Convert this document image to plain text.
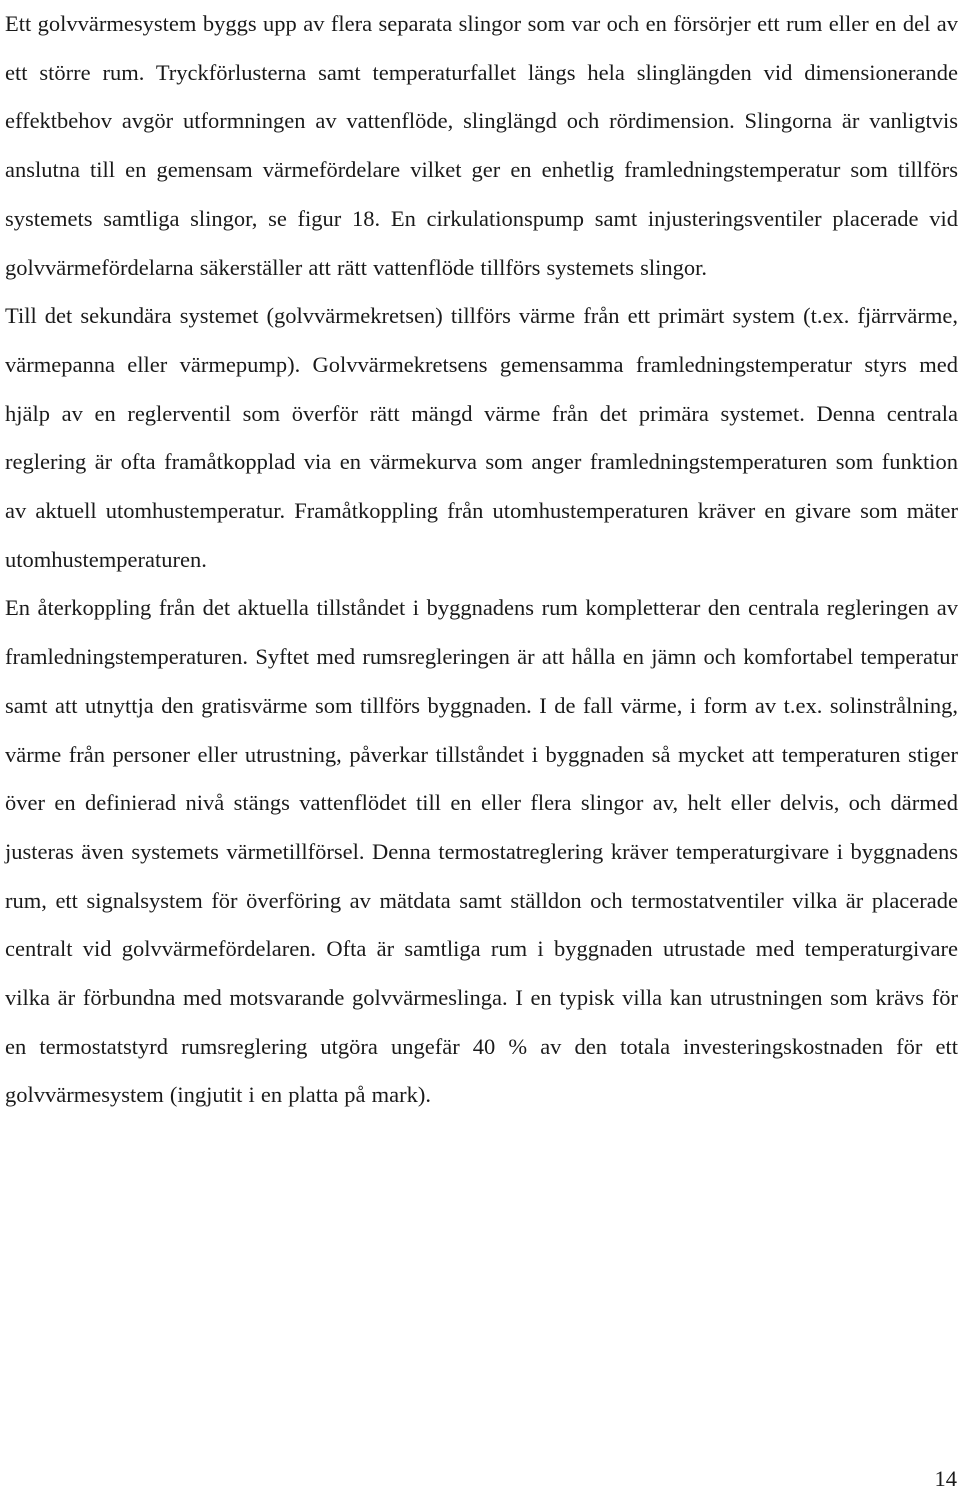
Ett golvvärmesystem byggs upp av flera separata slingor som var och en försörjer ett rum eller en del av ett större rum. Tryckförlusterna samt temperaturfallet längs hela slinglängden vid dimensionerande effektbehov avgör utformningen av vattenflöde, slinglängd och rördimension. Slingorna är vanligtvis anslutna till en gemensam värmefördelare vilket ger en enhetlig framledningstemperatur som tillförs systemets samtliga slingor, se figur 18. En cirkulationspump samt injusteringsventiler placerade vid golvvärmefördelarna säkerställer att rätt vattenflöde tillförs systemets slingor.

Till det sekundära systemet (golvvärmekretsen) tillförs värme från ett primärt system (t.ex. fjärrvärme, värmepanna eller värmepump). Golvvärmekretsens gemensamma framledningstemperatur styrs med hjälp av en reglerventil som överför rätt mängd värme från det primära systemet. Denna centrala reglering är ofta framåtkopplad via en värmekurva som anger framledningstemperaturen som funktion av aktuell utomhustemperatur. Framåtkoppling från utomhustemperaturen kräver en givare som mäter utomhustemperaturen.

En återkoppling från det aktuella tillståndet i byggnadens rum kompletterar den centrala regleringen av framledningstemperaturen. Syftet med rumsregleringen är att hålla en jämn och komfortabel temperatur samt att utnyttja den gratisvärme som tillförs byggnaden. I de fall värme, i form av t.ex. solinstrålning, värme från personer eller utrustning, påverkar tillståndet i byggnaden så mycket att temperaturen stiger över en definierad nivå stängs vattenflödet till en eller flera slingor av, helt eller delvis, och därmed justeras även systemets värmetillförsel. Denna termostatreglering kräver temperaturgivare i byggnadens rum, ett signalsystem för överföring av mätdata samt ställdon och termostatventiler vilka är placerade centralt vid golvvärmefördelaren. Ofta är samtliga rum i byggnaden utrustade med temperaturgivare vilka är förbundna med motsvarande golvvärmeslinga. I en typisk villa kan utrustningen som krävs för en termostatstyrd rumsreglering utgöra ungefär 40 % av den totala investeringskostnaden för ett golvvärmesystem (ingjutit i en platta på mark).

14
